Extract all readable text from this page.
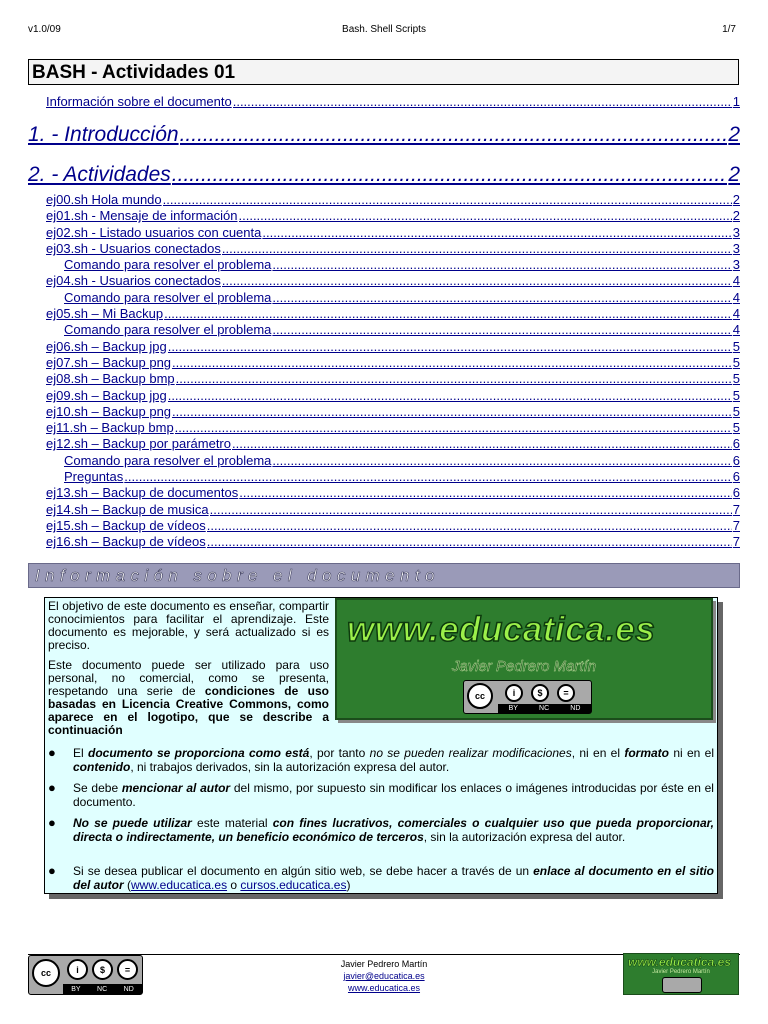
v1.0/09	Bash. Shell Scripts	1/7
BASH - Actividades 01
Información sobre el documento .....	1
1. - Introducción .....	2
2. - Actividades .....	2
ej00.sh Hola mundo .....	2
ej01.sh - Mensaje de información .....	2
ej02.sh - Listado usuarios con cuenta .....	3
ej03.sh - Usuarios conectados .....	3
Comando para resolver el problema .....	3
ej04.sh - Usuarios conectados .....	4
Comando para resolver el problema .....	4
ej05.sh – Mi Backup .....	4
Comando para resolver el problema .....	4
ej06.sh – Backup jpg .....	5
ej07.sh – Backup png .....	5
ej08.sh – Backup bmp .....	5
ej09.sh – Backup jpg .....	5
ej10.sh – Backup png .....	5
ej11.sh – Backup bmp .....	5
ej12.sh – Backup por parámetro .....	6
Comando para resolver el problema .....	6
Preguntas .....	6
ej13.sh – Backup de documentos .....	6
ej14.sh – Backup de musica .....	7
ej15.sh – Backup de vídeos .....	7
ej16.sh – Backup de vídeos .....	7
Información sobre el documento
El objetivo de este documento es enseñar, compartir conocimientos para facilitar el aprendizaje. Este documento es mejorable, y será actualizado si es preciso.
Este documento puede ser utilizado para uso personal, no comercial, como se presenta, respetando una serie de condiciones de uso basadas en Licencia Creative Commons, como aparece en el logotipo, que se describe a continuación
● El documento se proporciona como está, por tanto no se pueden realizar modificaciones, ni en el formato ni en el contenido, ni trabajos derivados, sin la autorización expresa del autor.
● Se debe mencionar al autor del mismo, por supuesto sin modificar los enlaces o imágenes introducidas por éste en el documento.
● No se puede utilizar este material con fines lucrativos, comerciales o cualquier uso que pueda proporcionar, directa o indirectamente, un beneficio económico de terceros, sin la autorización expresa del autor.
● Si se desea publicar el documento en algún sitio web, se debe hacer a través de un enlace al documento en el sitio del autor (www.educatica.es o cursos.educatica.es)
www.educatica.es
Javier Pedrero Martín
cc	i	$	=
BY	NC	ND
cc	i	$	=
BY NC ND
Javier Pedrero Martín
javier@educatica.es
www.educatica.es
www.educatica.es
Javier Pedrero Martín
